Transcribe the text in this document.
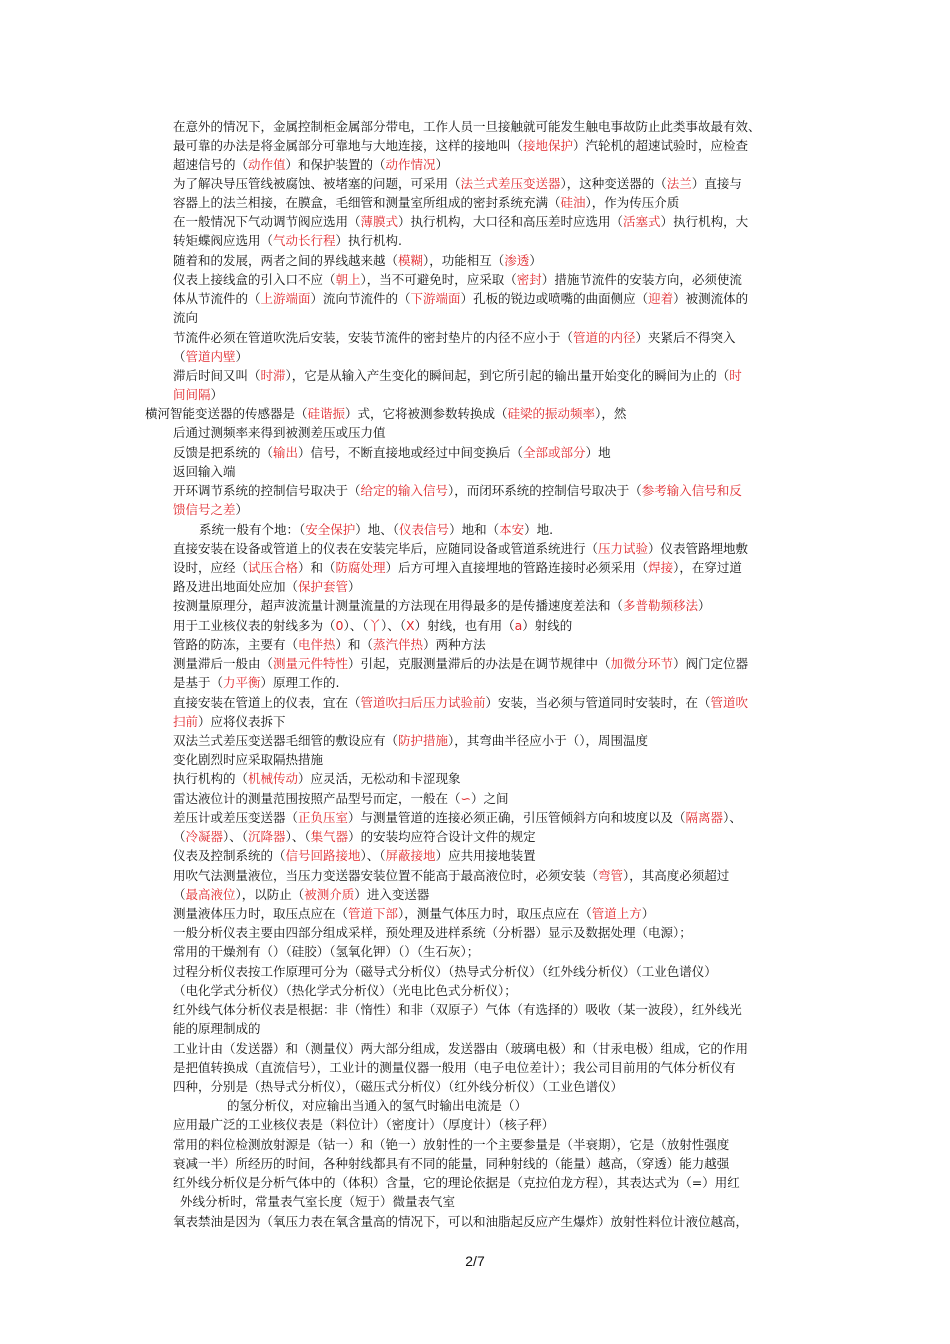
在意外的情况下，金属控制柜金属部分带电，工作人员一旦接触就可能发生触电事故防止此类事故最有效、
最可靠的办法是将金属部分可靠地与大地连接，这样的接地叫（接地保护）汽轮机的超速试验时，应检查
超速信号的（动作值）和保护装置的（动作情况）
为了解决导压管线被腐蚀、被堵塞的问题，可采用（法兰式差压变送器），这种变送器的（法兰）直接与
容器上的法兰相接，在膜盒，毛细管和测量室所组成的密封系统充满（硅油），作为传压介质
在一般情况下气动调节阀应选用（薄膜式）执行机构，大口径和高压差时应选用（活塞式）执行机构，大
转矩蝶阀应选用（气动长行程）执行机构.
随着和的发展，两者之间的界线越来越（模糊），功能相互（渗透）
仪表上接线盒的引入口不应（朝上），当不可避免时，应采取（密封）措施节流件的安装方向，必须使流
体从节流件的（上游端面）流向节流件的（下游端面）孔板的锐边或喷嘴的曲面侧应（迎着）被测流体的
流向
节流件必须在管道吹洗后安装，安装节流件的密封垫片的内径不应小于（管道的内径）夹紧后不得突入
（管道内壁）
滞后时间又叫（时滞），它是从输入产生变化的瞬间起，到它所引起的输出量开始变化的瞬间为止的（时
间间隔）
横河智能变送器的传感器是（硅谐振）式，它将被测参数转换成（硅梁的振动频率），然
后通过测频率来得到被测差压或压力值
反馈是把系统的（输出）信号，不断直接地或经过中间变换后（全部或部分）地
返回输入端
开环调节系统的控制信号取决于（给定的输入信号），而闭环系统的控制信号取决于（参考输入信号和反
馈信号之差）
系统一般有个地：（安全保护）地、（仪表信号）地和（本安）地.
直接安装在设备或管道上的仪表在安装完毕后，应随同设备或管道系统进行（压力试验）仪表管路埋地敷
设时，应经（试压合格）和（防腐处理）后方可埋入直接埋地的管路连接时必须采用（焊接），在穿过道
路及进出地面处应加（保护套管）
按测量原理分，超声波流量计测量流量的方法现在用得最多的是传播速度差法和（多普勒频移法）
用于工业核仪表的射线多为（0）、（丫）、（X）射线，也有用（a）射线的
管路的防冻，主要有（电伴热）和（蒸汽伴热）两种方法
测量滞后一般由（测量元件特性）引起，克服测量滞后的办法是在调节规律中（加微分环节）阀门定位器
是基于（力平衡）原理工作的.
直接安装在管道上的仪表，宜在（管道吹扫后压力试验前）安装，当必须与管道同时安装时，在（管道吹
扫前）应将仪表拆下
双法兰式差压变送器毛细管的敷设应有（防护措施），其弯曲半径应小于（），周围温度
变化剧烈时应采取隔热措施
执行机构的（机械传动）应灵活，无松动和卡涩现象
雷达液位计的测量范围按照产品型号而定，一般在（∽）之间
差压计或差压变送器（正负压室）与测量管道的连接必须正确，引压管倾斜方向和坡度以及（隔离器）、
（冷凝器）、（沉降器）、（集气器）的安装均应符合设计文件的规定
仪表及控制系统的（信号回路接地）、（屏蔽接地）应共用接地装置
用吹气法测量液位，当压力变送器安装位置不能高于最高液位时，必须安装（弯管），其高度必须超过
（最高液位），以防止（被测介质）进入变送器
测量液体压力时，取压点应在（管道下部），测量气体压力时，取压点应在（管道上方）
一般分析仪表主要由四部分组成采样，预处理及进样系统（分析器）显示及数据处理（电源）；
常用的干燥剂有（）（硅胶）（氢氧化钾）（）（生石灰）；
过程分析仪表按工作原理可分为（磁导式分析仪）（热导式分析仪）（红外线分析仪）（工业色谱仪）
（电化学式分析仪）（热化学式分析仪）（光电比色式分析仪）；
红外线气体分析仪表是根据：非（惰性）和非（双原子）气体（有选择的）吸收（某一波段），红外线光
能的原理制成的
工业计由（发送器）和（测量仪）两大部分组成，发送器由（玻璃电极）和（甘汞电极）组成，它的作用
是把值转换成（直流信号），工业计的测量仪器一般用（电子电位差计）；我公司目前用的气体分析仪有
四种，分别是（热导式分析仪），（磁压式分析仪）（红外线分析仪）（工业色谱仪）
的氢分析仪，对应输出当通入的氢气时输出电流是（）
应用最广泛的工业核仪表是（料位计）（密度计）（厚度计）（核子秤）
常用的料位检测放射源是（钴一）和（铯一）放射性的一个主要参量是（半衰期），它是（放射性强度
衰减一半）所经历的时间，各种射线都具有不同的能量，同种射线的（能量）越高，（穿透）能力越强
红外线分析仪是分析气体中的（体积）含量，它的理论依据是（克拉伯龙方程），其表达式为（=）用红
外线分析时，常量表气室长度（短于）微量表气室
氧表禁油是因为（氧压力表在氧含量高的情况下，可以和油脂起反应产生爆炸）放射性料位计液位越高，
2/7
